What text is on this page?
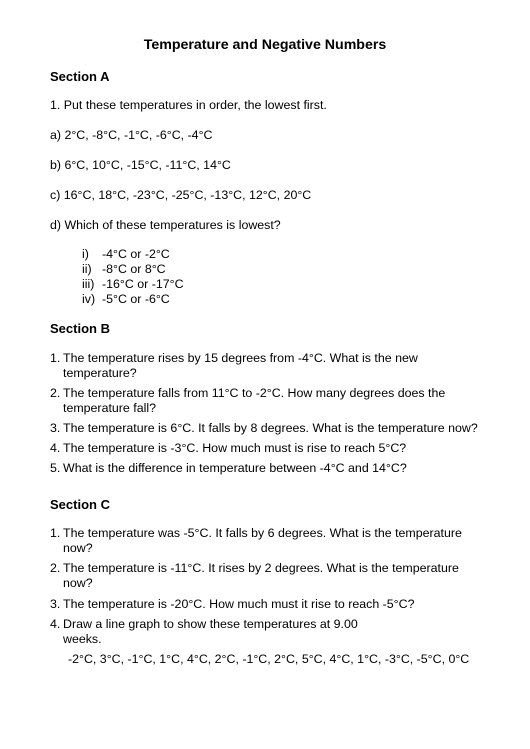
Temperature and Negative Numbers
Section A
1. Put these temperatures in order, the lowest first.
a) 2°C, -8°C, -1°C, -6°C, -4°C
b) 6°C, 10°C, -15°C, -11°C, 14°C
c) 16°C, 18°C, -23°C, -25°C, -13°C, 12°C, 20°C
d) Which of these temperatures is lowest?
i) -4°C or -2°C
ii) -8°C or 8°C
iii) -16°C or -17°C
iv) -5°C or -6°C
Section B
1. The temperature rises by 15 degrees from -4°C. What is the new
temperature?
2. The temperature falls from 11°C to -2°C. How many degrees does the
temperature fall?
3. The temperature is 6°C. It falls by 8 degrees. What is the temperature now?
4. The temperature is -3°C. How much must is rise to reach 5°C?
5. What is the difference in temperature between -4°C and 14°C?
Section C
1. The temperature was -5°C. It falls by 6 degrees. What is the temperature
now?
2. The temperature is -11°C. It rises by 2 degrees. What is the temperature
now?
3. The temperature is -20°C. How much must it rise to reach -5°C?
4. Draw a line graph to show these temperatures at 9.00
weeks.
-2°C, 3°C, -1°C, 1°C, 4°C, 2°C, -1°C, 2°C, 5°C, 4°C, 1°C, -3°C, -5°C, 0°C
